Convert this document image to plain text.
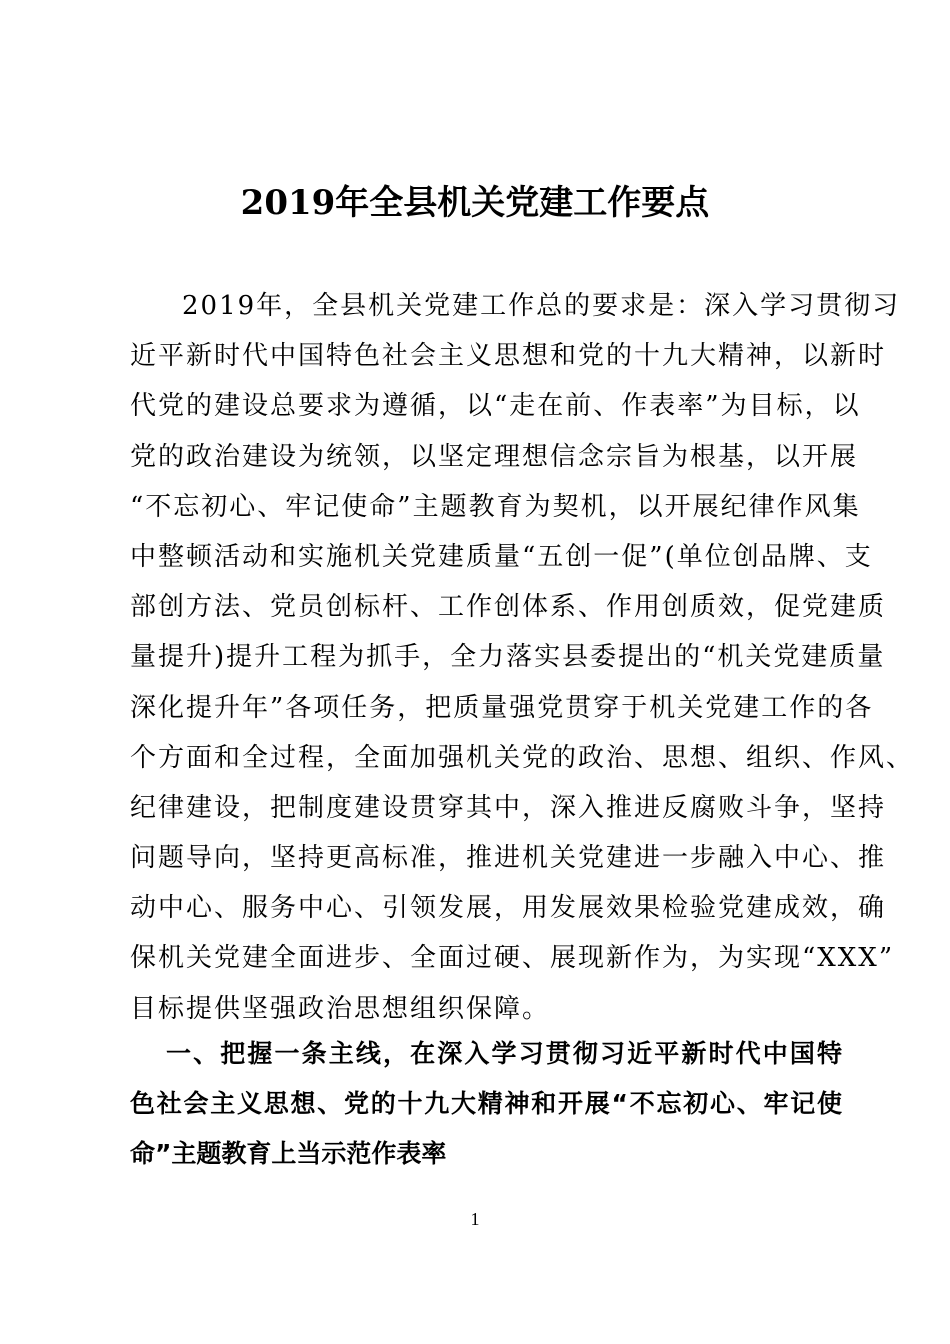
2019年全县机关党建工作要点
2019年，全县机关党建工作总的要求是：深入学习贯彻习
近平新时代中国特色社会主义思想和党的十九大精神，以新时
代党的建设总要求为遵循，以“走在前、作表率”为目标，以
党的政治建设为统领，以坚定理想信念宗旨为根基，以开展
“不忘初心、牢记使命”主题教育为契机，以开展纪律作风集
中整顿活动和实施机关党建质量“五创一促”(单位创品牌、支
部创方法、党员创标杆、工作创体系、作用创质效，促党建质
量提升)提升工程为抓手，全力落实县委提出的“机关党建质量
深化提升年”各项任务，把质量强党贯穿于机关党建工作的各
个方面和全过程，全面加强机关党的政治、思想、组织、作风、
纪律建设，把制度建设贯穿其中，深入推进反腐败斗争，坚持
问题导向，坚持更高标准，推进机关党建进一步融入中心、推
动中心、服务中心、引领发展，用发展效果检验党建成效，确
保机关党建全面进步、全面过硬、展现新作为，为实现“XXX”
目标提供坚强政治思想组织保障。
一、把握一条主线，在深入学习贯彻习近平新时代中国特
色社会主义思想、党的十九大精神和开展“不忘初心、牢记使
命”主题教育上当示范作表率
1
